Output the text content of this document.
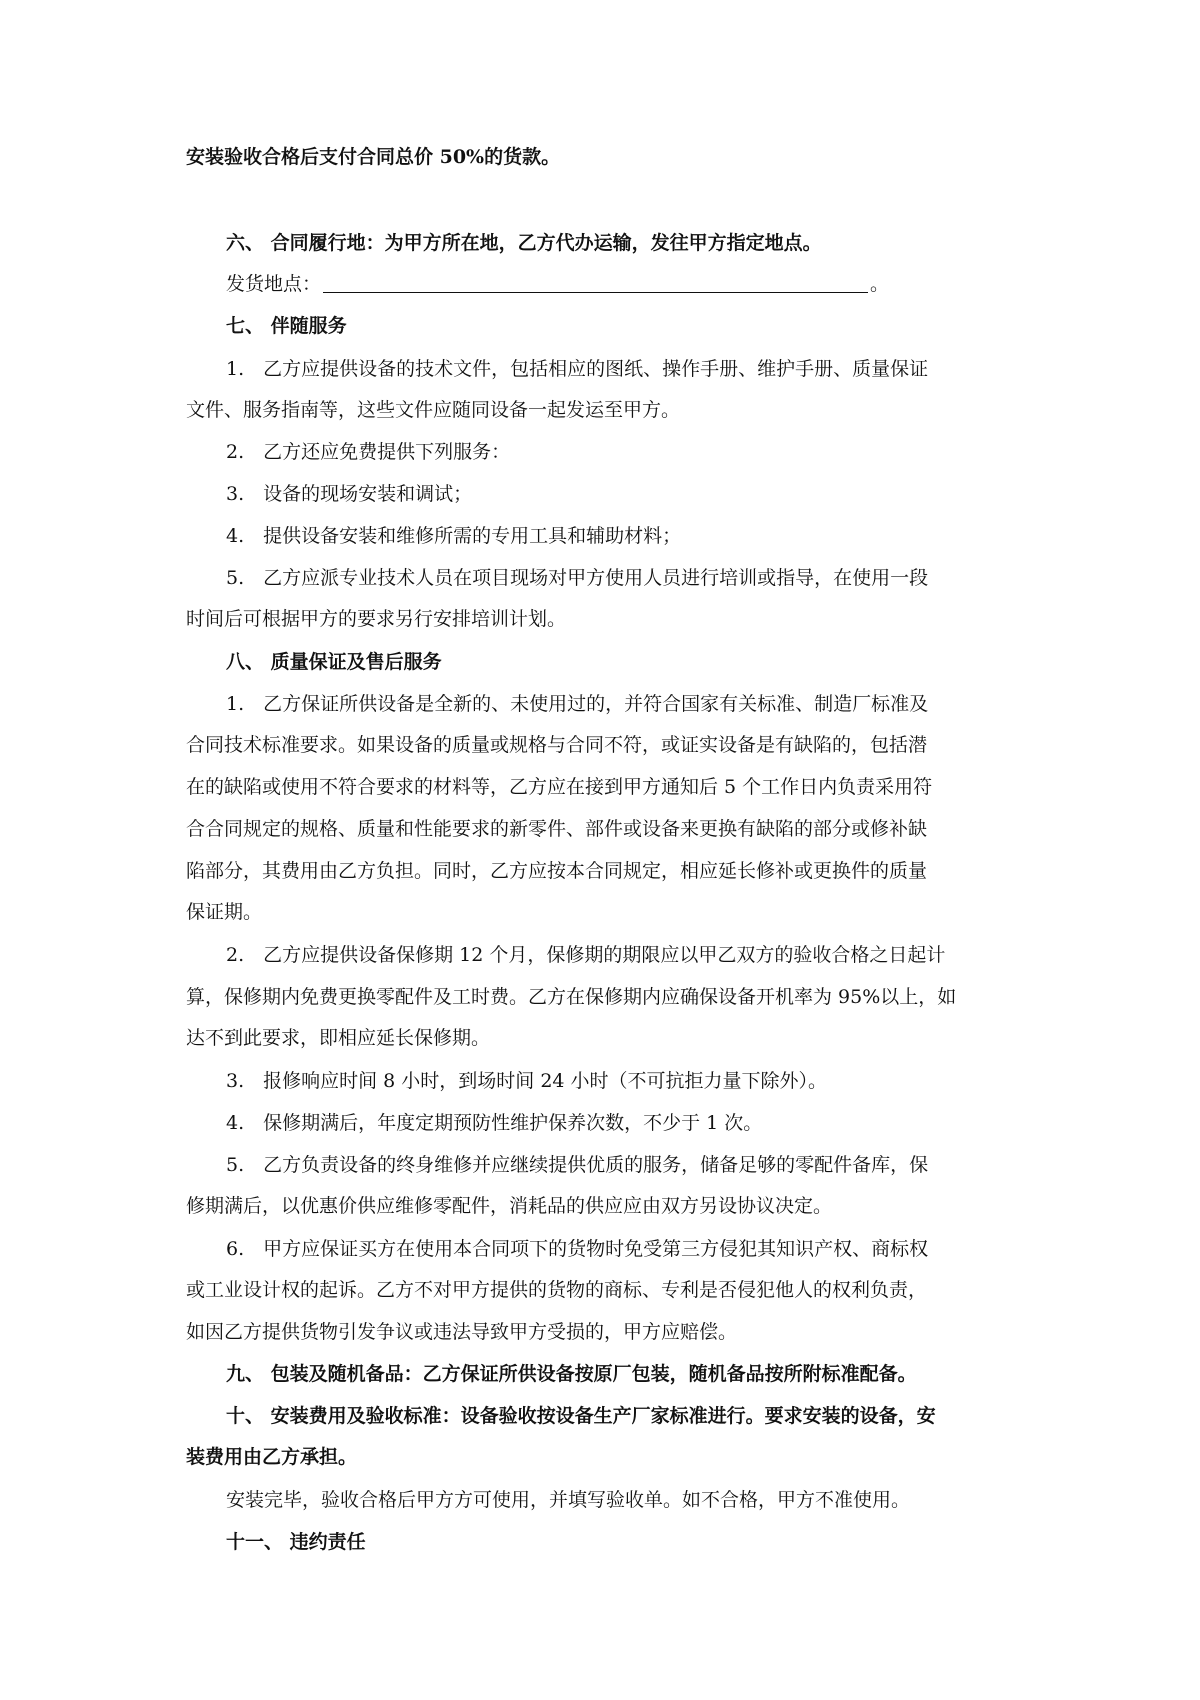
安装验收合格后支付合同总价 50%的货款。
六、 合同履行地：为甲方所在地，乙方代办运输，发往甲方指定地点。
发货地点：	。
七、 伴随服务
1.　乙方应提供设备的技术文件，包括相应的图纸、操作手册、维护手册、质量保证
文件、服务指南等，这些文件应随同设备一起发运至甲方。
2.　乙方还应免费提供下列服务：
3.　设备的现场安装和调试；
4.　提供设备安装和维修所需的专用工具和辅助材料；
5.　乙方应派专业技术人员在项目现场对甲方使用人员进行培训或指导，在使用一段
时间后可根据甲方的要求另行安排培训计划。
八、 质量保证及售后服务
1.　乙方保证所供设备是全新的、未使用过的，并符合国家有关标准、制造厂标准及
合同技术标准要求。如果设备的质量或规格与合同不符，或证实设备是有缺陷的，包括潜
在的缺陷或使用不符合要求的材料等，乙方应在接到甲方通知后 5 个工作日内负责采用符
合合同规定的规格、质量和性能要求的新零件、部件或设备来更换有缺陷的部分或修补缺
陷部分，其费用由乙方负担。同时，乙方应按本合同规定，相应延长修补或更换件的质量
保证期。
2.　乙方应提供设备保修期 12 个月，保修期的期限应以甲乙双方的验收合格之日起计
算，保修期内免费更换零配件及工时费。乙方在保修期内应确保设备开机率为 95%以上，如
达不到此要求，即相应延长保修期。
3.　报修响应时间 8 小时，到场时间 24 小时（不可抗拒力量下除外）。
4.　保修期满后，年度定期预防性维护保养次数，不少于 1 次。
5.　乙方负责设备的终身维修并应继续提供优质的服务，储备足够的零配件备库，保
修期满后，以优惠价供应维修零配件，消耗品的供应应由双方另设协议决定。
6.　甲方应保证买方在使用本合同项下的货物时免受第三方侵犯其知识产权、商标权
或工业设计权的起诉。乙方不对甲方提供的货物的商标、专利是否侵犯他人的权利负责，
如因乙方提供货物引发争议或违法导致甲方受损的，甲方应赔偿。
九、 包装及随机备品：乙方保证所供设备按原厂包装，随机备品按所附标准配备。
十、 安装费用及验收标准：设备验收按设备生产厂家标准进行。要求安装的设备，安
装费用由乙方承担。
安装完毕，验收合格后甲方方可使用，并填写验收单。如不合格，甲方不准使用。
十一、 违约责任
